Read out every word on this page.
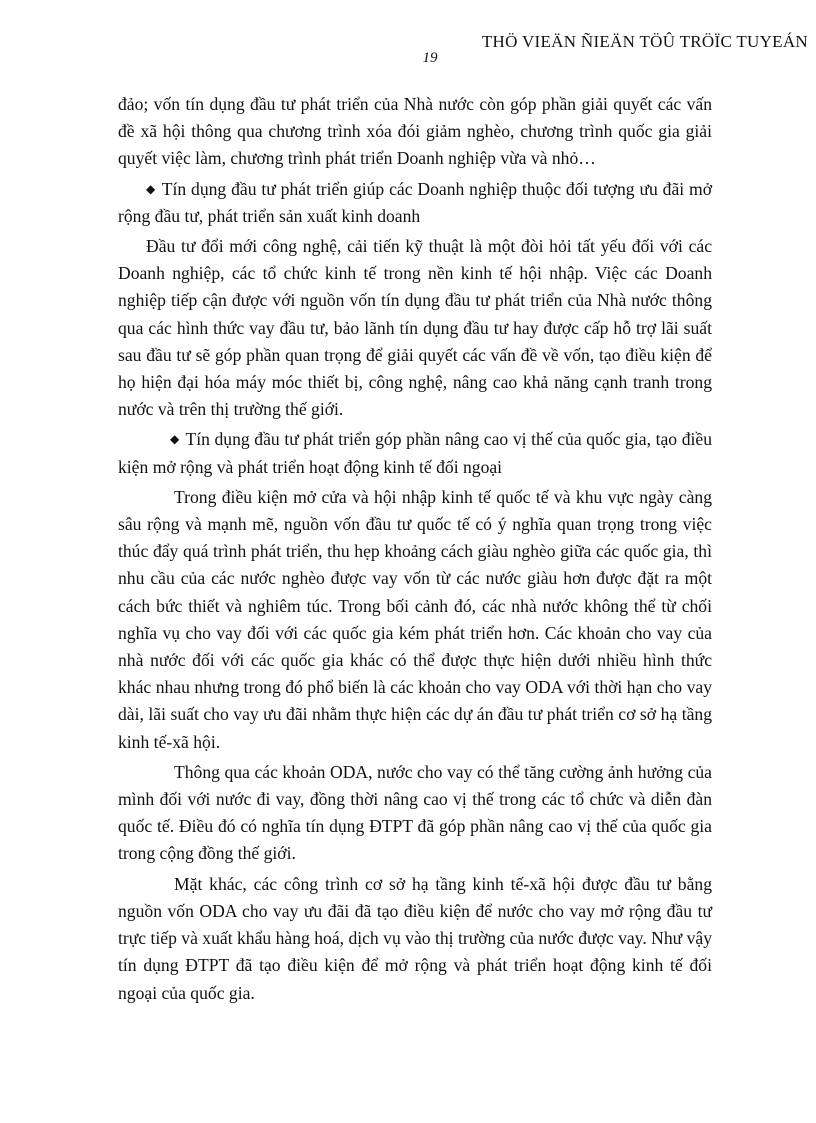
THÖ VIEÄN ÑIEÄN TÖÛ TRÖÏC TUYEÁN
19

đảo; vốn tín dụng đầu tư phát triển của Nhà nước còn góp phần giải quyết các vấn đề xã hội thông qua chương trình xóa đói giảm nghèo, chương trình quốc gia giải quyết việc làm, chương trình phát triển Doanh nghiệp vừa và nhỏ…

◆ Tín dụng đầu tư phát triển giúp các Doanh nghiệp thuộc đối tượng ưu đãi mở rộng đầu tư, phát triển sản xuất kinh doanh

Đầu tư đổi mới công nghệ, cải tiến kỹ thuật là một đòi hỏi tất yếu đối với các Doanh nghiệp, các tổ chức kinh tế trong nền kinh tế hội nhập. Việc các Doanh nghiệp tiếp cận được với nguồn vốn tín dụng đầu tư phát triển của Nhà nước thông qua các hình thức vay đầu tư, bảo lãnh tín dụng đầu tư hay được cấp hỗ trợ lãi suất sau đầu tư sẽ góp phần quan trọng để giải quyết các vấn đề về vốn, tạo điều kiện để họ hiện đại hóa máy móc thiết bị, công nghệ, nâng cao khả năng cạnh tranh trong nước và trên thị trường thế giới.

◆ Tín dụng đầu tư phát triển góp phần nâng cao vị thế của quốc gia, tạo điều kiện mở rộng và phát triển hoạt động kinh tế đối ngoại

Trong điều kiện mở cửa và hội nhập kinh tế quốc tế và khu vực ngày càng sâu rộng và mạnh mẽ, nguồn vốn đầu tư quốc tế có ý nghĩa quan trọng trong việc thúc đẩy quá trình phát triển, thu hẹp khoảng cách giàu nghèo giữa các quốc gia, thì nhu cầu của các nước nghèo được vay vốn từ các nước giàu hơn được đặt ra một cách bức thiết và nghiêm túc. Trong bối cảnh đó, các nhà nước không thể từ chối nghĩa vụ cho vay đối với các quốc gia kém phát triển hơn. Các khoản cho vay của nhà nước đối với các quốc gia khác có thể được thực hiện dưới nhiều hình thức khác nhau nhưng trong đó phổ biến là các khoản cho vay ODA với thời hạn cho vay dài, lãi suất cho vay ưu đãi nhằm thực hiện các dự án đầu tư phát triển cơ sở hạ tầng kinh tế-xã hội.

Thông qua các khoản ODA, nước cho vay có thể tăng cường ảnh hưởng của mình đối với nước đi vay, đồng thời nâng cao vị thế trong các tổ chức và diễn đàn quốc tế. Điều đó có nghĩa tín dụng ĐTPT đã góp phần nâng cao vị thế của quốc gia trong cộng đồng thế giới.

Mặt khác, các công trình cơ sở hạ tầng kinh tế-xã hội được đầu tư bằng nguồn vốn ODA cho vay ưu đãi đã tạo điều kiện để nước cho vay mở rộng đầu tư trực tiếp và xuất khẩu hàng hoá, dịch vụ vào thị trường của nước được vay. Như vậy tín dụng ĐTPT đã tạo điều kiện để mở rộng và phát triển hoạt động kinh tế đối ngoại của quốc gia.
